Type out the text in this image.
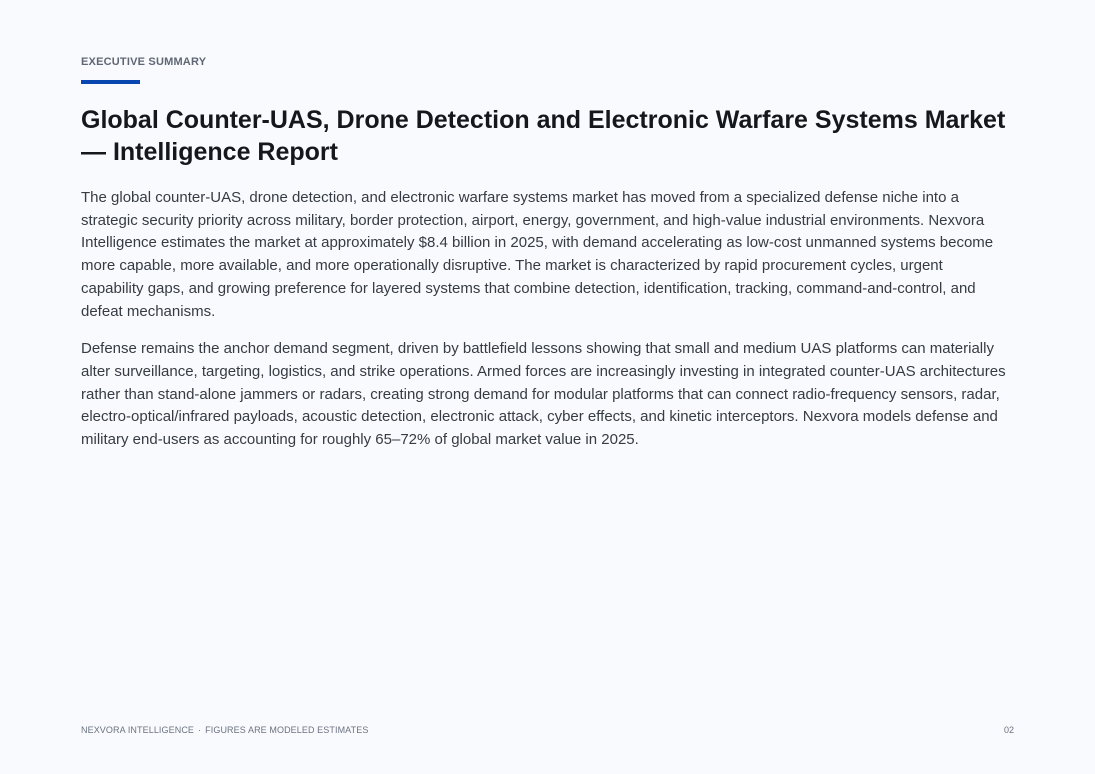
EXECUTIVE SUMMARY
Global Counter-UAS, Drone Detection and Electronic Warfare Systems Market — Intelligence Report

The global counter-UAS, drone detection, and electronic warfare systems market has moved from a specialized defense niche into a strategic security priority across military, border protection, airport, energy, government, and high-value industrial environments. Nexvora Intelligence estimates the market at approximately $8.4 billion in 2025, with demand accelerating as low-cost unmanned systems become more capable, more available, and more operationally disruptive. The market is characterized by rapid procurement cycles, urgent capability gaps, and growing preference for layered systems that combine detection, identification, tracking, command-and-control, and defeat mechanisms.

Defense remains the anchor demand segment, driven by battlefield lessons showing that small and medium UAS platforms can materially alter surveillance, targeting, logistics, and strike operations. Armed forces are increasingly investing in integrated counter-UAS architectures rather than stand-alone jammers or radars, creating strong demand for modular platforms that can connect radio-frequency sensors, radar, electro-optical/infrared payloads, acoustic detection, electronic attack, cyber effects, and kinetic interceptors. Nexvora models defense and military end-users as accounting for roughly 65–72% of global market value in 2025.

NEXVORA INTELLIGENCE · FIGURES ARE MODELED ESTIMATES	02
